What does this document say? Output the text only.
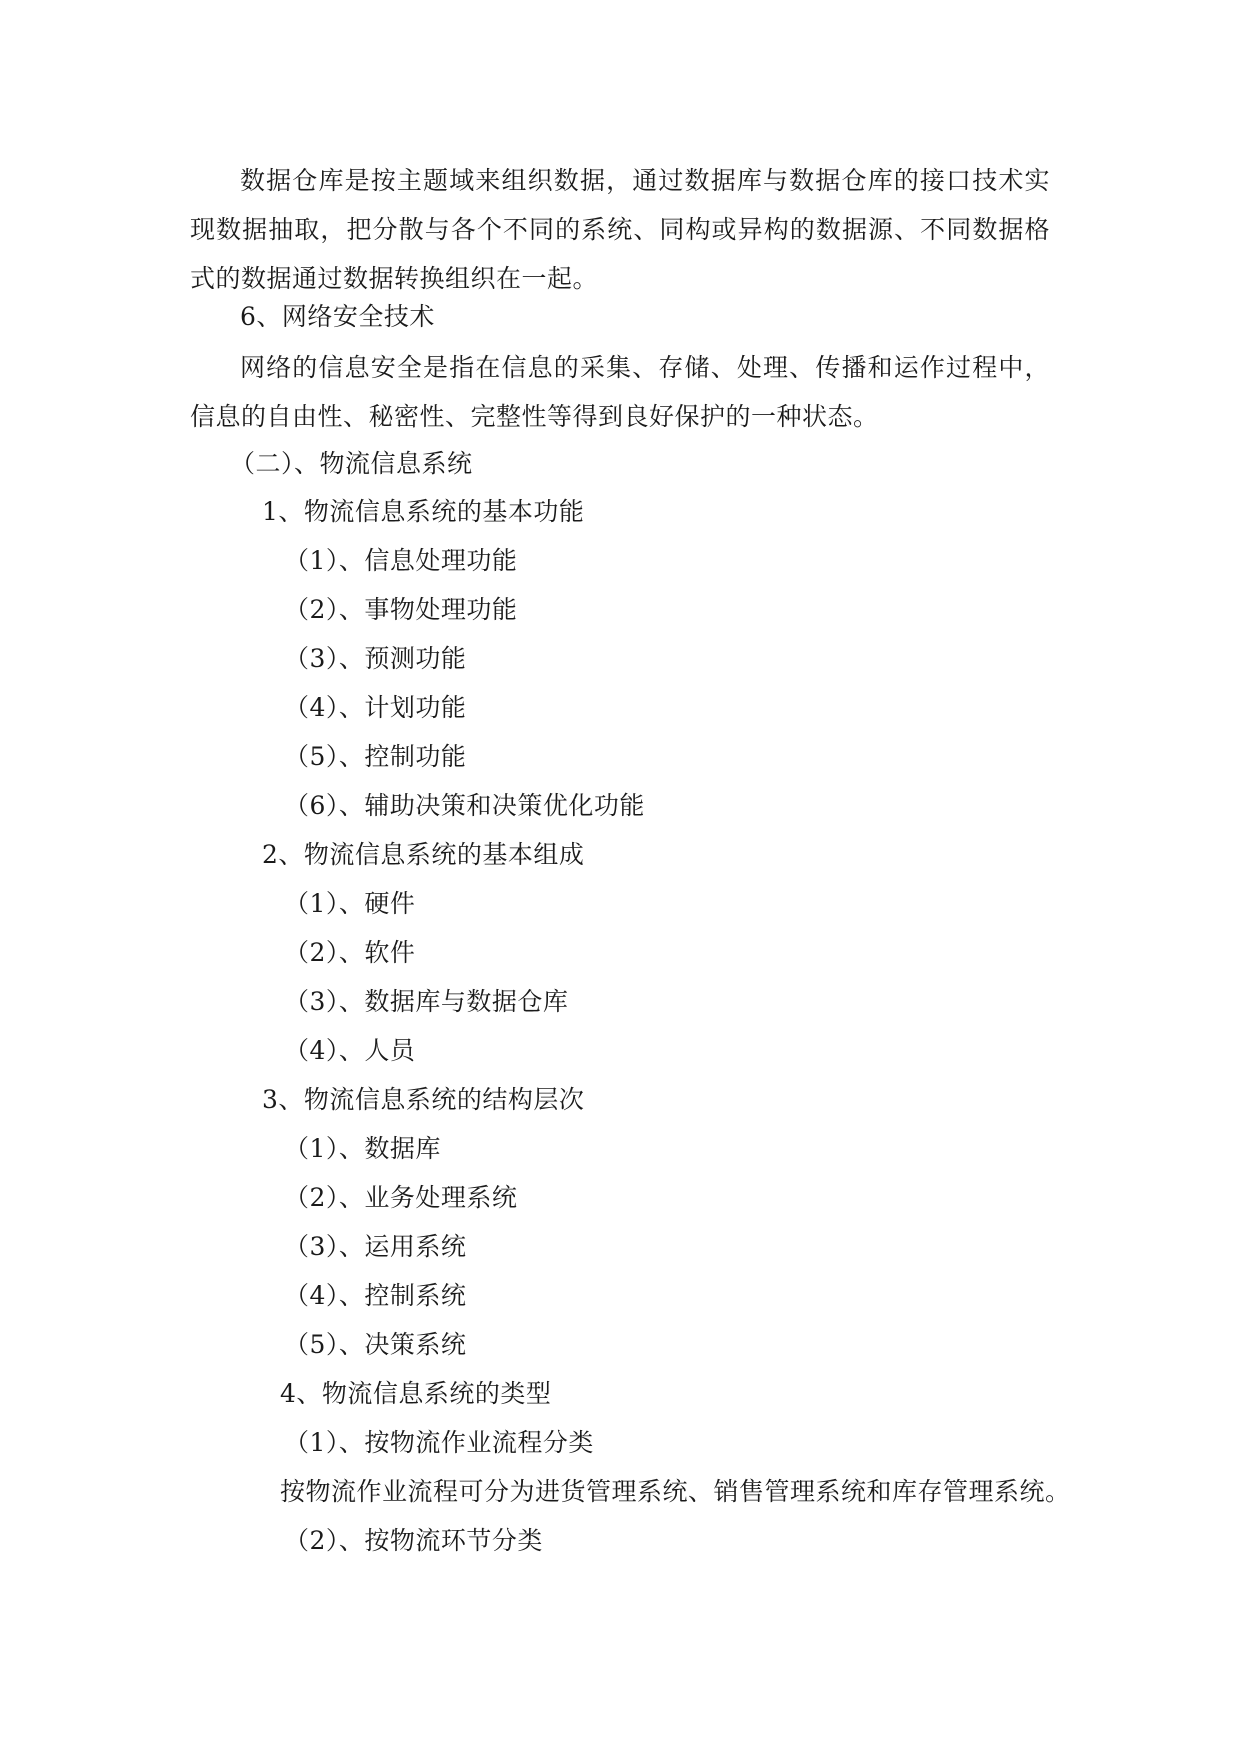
数据仓库是按主题域来组织数据，通过数据库与数据仓库的接口技术实现数据抽取，把分散与各个不同的系统、同构或异构的数据源、不同数据格式的数据通过数据转换组织在一起。
6、网络安全技术
网络的信息安全是指在信息的采集、存储、处理、传播和运作过程中，信息的自由性、秘密性、完整性等得到良好保护的一种状态。
（二）、物流信息系统
1、物流信息系统的基本功能
（1）、信息处理功能
（2）、事物处理功能
（3）、预测功能
（4）、计划功能
（5）、控制功能
（6）、辅助决策和决策优化功能
2、物流信息系统的基本组成
（1）、硬件
（2）、软件
（3）、数据库与数据仓库
（4）、人员
3、物流信息系统的结构层次
（1）、数据库
（2）、业务处理系统
（3）、运用系统
（4）、控制系统
（5）、决策系统
4、物流信息系统的类型
（1）、按物流作业流程分类
按物流作业流程可分为进货管理系统、销售管理系统和库存管理系统。
（2）、按物流环节分类
